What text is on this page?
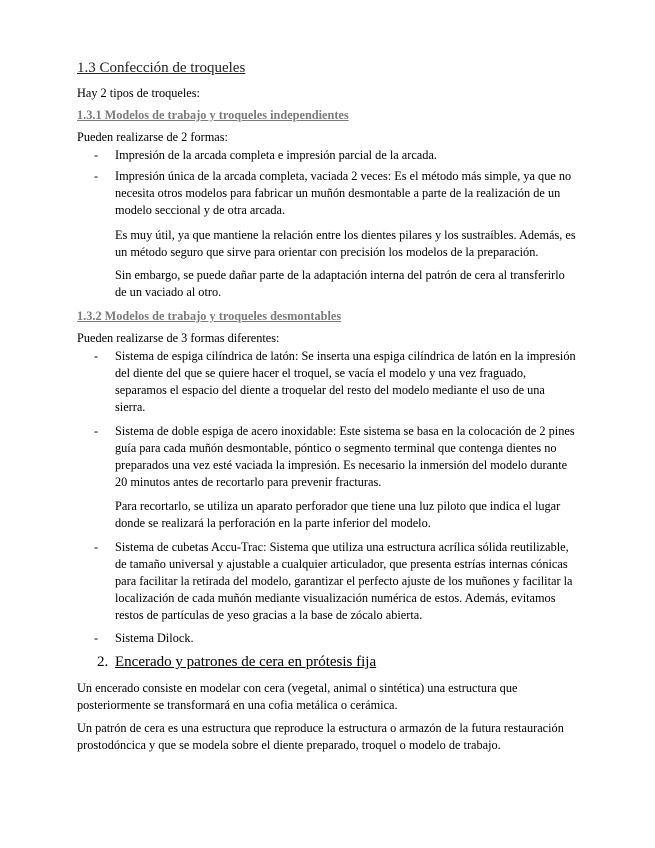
1.3 Confección de troqueles
Hay 2 tipos de troqueles:
1.3.1 Modelos de trabajo y troqueles independientes
Pueden realizarse de 2 formas:
- Impresión de la arcada completa e impresión parcial de la arcada.
- Impresión única de la arcada completa, vaciada 2 veces: Es el método más simple, ya que no necesita otros modelos para fabricar un muñón desmontable a parte de la realización de un modelo seccional y de otra arcada.
Es muy útil, ya que mantiene la relación entre los dientes pilares y los sustraíbles. Además, es un método seguro que sirve para orientar con precisión los modelos de la preparación.
Sin embargo, se puede dañar parte de la adaptación interna del patrón de cera al transferirlo de un vaciado al otro.
1.3.2 Modelos de trabajo y troqueles desmontables
Pueden realizarse de 3 formas diferentes:
- Sistema de espiga cilíndrica de latón: Se inserta una espiga cilíndrica de latón en la impresión del diente del que se quiere hacer el troquel, se vacía el modelo y una vez fraguado, separamos el espacio del diente a troquelar del resto del modelo mediante el uso de una sierra.
- Sistema de doble espiga de acero inoxidable: Este sistema se basa en la colocación de 2 pines guía para cada muñón desmontable, póntico o segmento terminal que contenga dientes no preparados una vez esté vaciada la impresión. Es necesario la inmersión del modelo durante 20 minutos antes de recortarlo para prevenir fracturas.
Para recortarlo, se utiliza un aparato perforador que tiene una luz piloto que indica el lugar donde se realizará la perforación en la parte inferior del modelo.
- Sistema de cubetas Accu-Trac: Sistema que utiliza una estructura acrílica sólida reutilizable, de tamaño universal y ajustable a cualquier articulador, que presenta estrías internas cónicas para facilitar la retirada del modelo, garantizar el perfecto ajuste de los muñones y facilitar la localización de cada muñón mediante visualización numérica de estos. Además, evitamos restos de partículas de yeso gracias a la base de zócalo abierta.
- Sistema Dilock.
2. Encerado y patrones de cera en prótesis fija
Un encerado consiste en modelar con cera (vegetal, animal o sintética) una estructura que posteriormente se transformará en una cofia metálica o cerámica.
Un patrón de cera es una estructura que reproduce la estructura o armazón de la futura restauración prostodóncica y que se modela sobre el diente preparado, troquel o modelo de trabajo.
